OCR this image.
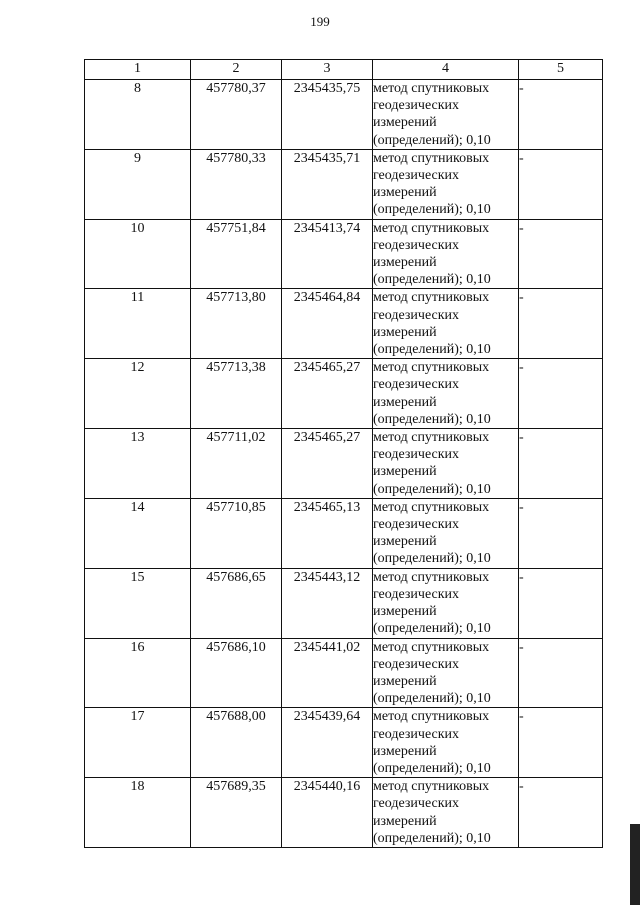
199
1	2	3	4	5
8	457780,37	2345435,75	метод спутниковых геодезических измерений (определений); 0,10	-
9	457780,33	2345435,71	метод спутниковых геодезических измерений (определений); 0,10	-
10	457751,84	2345413,74	метод спутниковых геодезических измерений (определений); 0,10	-
11	457713,80	2345464,84	метод спутниковых геодезических измерений (определений); 0,10	-
12	457713,38	2345465,27	метод спутниковых геодезических измерений (определений); 0,10	-
13	457711,02	2345465,27	метод спутниковых геодезических измерений (определений); 0,10	-
14	457710,85	2345465,13	метод спутниковых геодезических измерений (определений); 0,10	-
15	457686,65	2345443,12	метод спутниковых геодезических измерений (определений); 0,10	-
16	457686,10	2345441,02	метод спутниковых геодезических измерений (определений); 0,10	-
17	457688,00	2345439,64	метод спутниковых геодезических измерений (определений); 0,10	-
18	457689,35	2345440,16	метод спутниковых геодезических измерений (определений); 0,10	-
